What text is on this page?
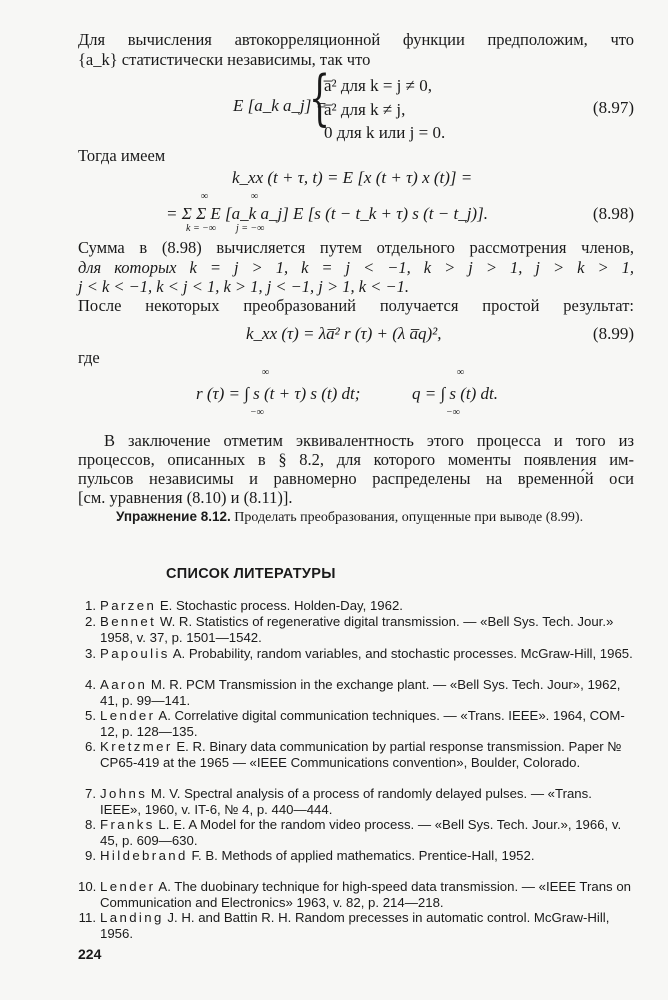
Для вычисления автокорреляционной функции предположим, что
{a_k} статистически независимы, так что
E [a_k a_j] =
{
a̅² для k = j ≠ 0,
a̅² для k ≠ j,
0 для k или j = 0.
(8.97)
Тогда имеем
k_xx (t + τ, t) = E [x (t + τ) x (t)] =
∞	∞
= Σ Σ E [a_k a_j] E [s (t − t_k + τ) s (t − t_j)].
k = −∞ j = −∞
(8.98)
Сумма в (8.98) вычисляется путем отдельного рассмотрения членов,
для которых k = j > 1, k = j < −1, k > j > 1, j > k > 1,
j < k < −1, k < j < 1, k > 1, j < −1, j > 1, k < −1.
После некоторых преобразований получается простой результат:
k_xx (τ) = λa̅² r (τ) + (λ a̅q)²,	(8.99)
где
∞
r (τ) = ∫ s (t + τ) s (t) dt;
−∞
∞
q = ∫ s (t) dt.
−∞
В заключение отметим эквивалентность этого процесса и того из
процессов, описанных в § 8.2, для которого моменты появления им-
пульсов независимы и равномерно распределены на временно́й оси
[см. уравнения (8.10) и (8.11)].
Упражнение 8.12. Проделать преобразования, опущенные при выводе (8.99).
СПИСОК ЛИТЕРАТУРЫ
1. Parzen E. Stochastic process. Holden-Day, 1962.
2. Bennet W. R. Statistics of regenerative digital transmission. — «Bell Sys. Tech. Jour.» 1958, v. 37, p. 1501—1542.
3. Papoulis A. Probability, random variables, and stochastic processes. McGraw-Hill, 1965.
4. Aaron M. R. PCM Transmission in the exchange plant. — «Bell Sys. Tech. Jour», 1962, 41, p. 99—141.
5. Lender A. Correlative digital communication techniques. — «Trans. IEEE». 1964, COM-12, p. 128—135.
6. Kretzmer E. R. Binary data communication by partial response transmission. Paper № CP65-419 at the 1965 — «IEEE Communications convention», Boulder, Colorado.
7. Johns M. V. Spectral analysis of a process of randomly delayed pulses. — «Trans. IEEE», 1960, v. IT-6, № 4, p. 440—444.
8. Franks L. E. A Model for the random video process. — «Bell Sys. Tech. Jour.», 1966, v. 45, p. 609—630.
9. Hildebrand F. B. Methods of applied mathematics. Prentice-Hall, 1952.
10. Lender A. The duobinary technique for high-speed data transmission. — «IEEE Trans on Communication and Electronics» 1963, v. 82, p. 214—218.
11. Landing J. H. and Battin R. H. Random precesses in automatic control. McGraw-Hill, 1956.
224
